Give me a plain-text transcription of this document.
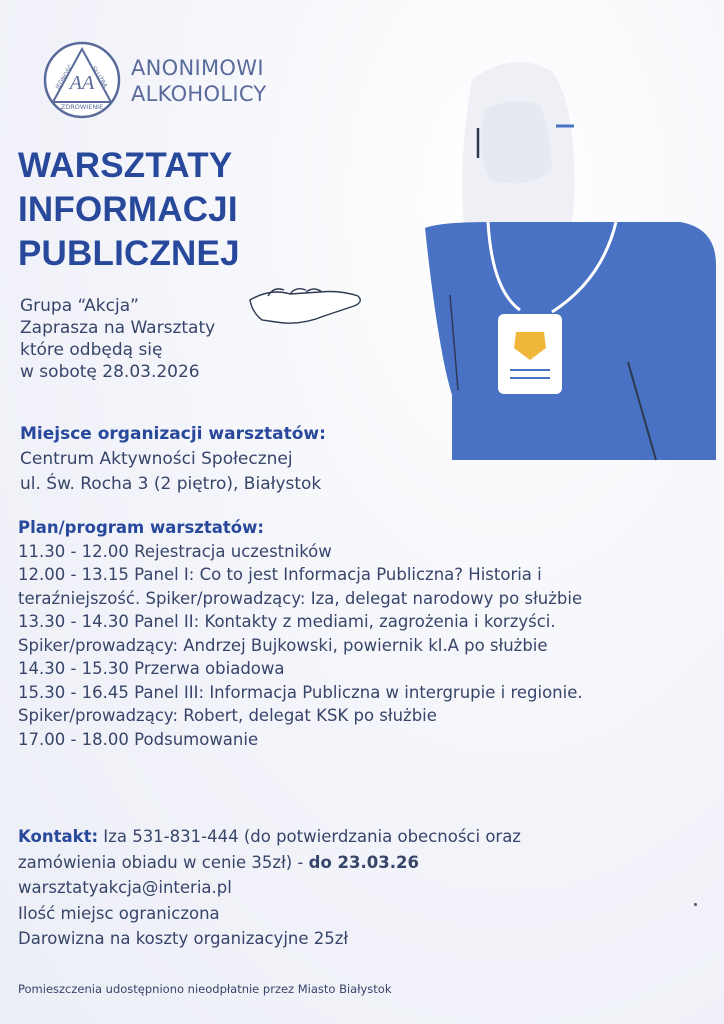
AA
JEDNOŚĆ	SŁUŻBA
ZDROWIENIE
ANONIMOWI
ALKOHOLICY
WARSZTATY
INFORMACJI
PUBLICZNEJ
Grupa “Akcja”
Zaprasza na Warsztaty
które odbędą się
w sobotę 28.03.2026
Miejsce organizacji warsztatów:
Centrum Aktywności Społecznej
ul. Św. Rocha 3 (2 piętro), Białystok
Plan/program warsztatów:
11.30 - 12.00 Rejestracja uczestników
12.00 - 13.15 Panel I: Co to jest Informacja Publiczna? Historia i
teraźniejszość. Spiker/prowadzący: Iza, delegat narodowy po służbie
13.30 - 14.30 Panel II: Kontakty z mediami, zagrożenia i korzyści.
Spiker/prowadzący: Andrzej Bujkowski, powiernik kl.A po służbie
14.30 - 15.30 Przerwa obiadowa
15.30 - 16.45 Panel III: Informacja Publiczna w intergrupie i regionie.
Spiker/prowadzący: Robert, delegat KSK po służbie
17.00 - 18.00 Podsumowanie
Kontakt: Iza 531-831-444 (do potwierdzania obecności oraz
zamówienia obiadu w cenie 35zł) - do 23.03.26
warsztatyakcja@interia.pl
Ilość miejsc ograniczona
Darowizna na koszty organizacyjne 25zł
Pomieszczenia udostępniono nieodpłatnie przez Miasto Białystok
